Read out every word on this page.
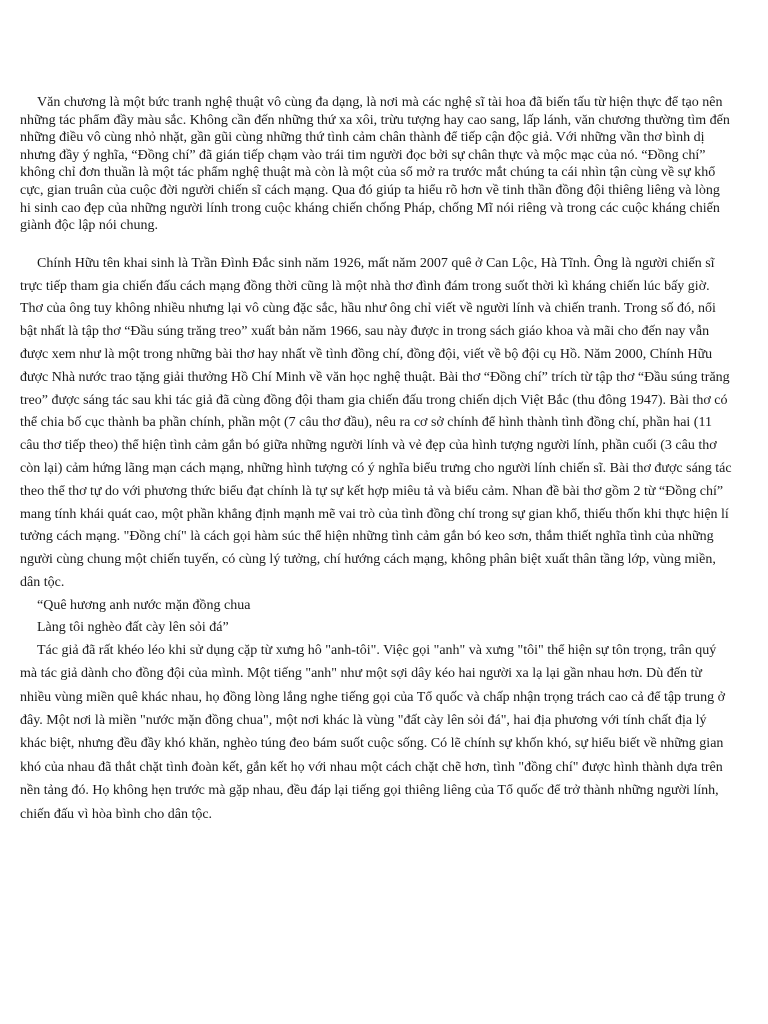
Văn chương là một bức tranh nghệ thuật vô cùng đa dạng, là nơi mà các nghệ sĩ tài hoa đã biến tấu từ hiện thực để tạo nên những tác phẩm đầy màu sắc. Không cần đến những thứ xa xôi, trừu tượng hay cao sang, lấp lánh, văn chương thường tìm đến những điều vô cùng nhỏ nhặt, gần gũi cùng những thứ tình cảm chân thành để tiếp cận độc giả. Với những vần thơ bình dị nhưng đầy ý nghĩa, “Đồng chí” đã gián tiếp chạm vào trái tim người đọc bởi sự chân thực và mộc mạc của nó. “Đồng chí” không chỉ đơn thuần là một tác phẩm nghệ thuật mà còn là một của sổ mở ra trước mắt chúng ta cái nhìn tận cùng về sự khổ cực, gian truân của cuộc đời người chiến sĩ cách mạng. Qua đó giúp ta hiểu rõ hơn về tinh thần đồng đội thiêng liêng và lòng hi sinh cao đẹp của những người lính trong cuộc kháng chiến chống Pháp, chống Mĩ nói riêng và trong các cuộc kháng chiến giành độc lập nói chung.

Chính Hữu tên khai sinh là Trần Đình Đắc sinh năm 1926, mất năm 2007 quê ở Can Lộc, Hà Tĩnh. Ông là người chiến sĩ trực tiếp tham gia chiến đấu cách mạng đồng thời cũng là một nhà thơ đình đám trong suốt thời kì kháng chiến lúc bấy giờ. Thơ của ông tuy không nhiều nhưng lại vô cùng đặc sắc, hầu như ông chỉ viết về người lính và chiến tranh. Trong số đó, nổi bật nhất là tập thơ “Đầu súng trăng treo” xuất bản năm 1966, sau này được in trong sách giáo khoa và mãi cho đến nay vẫn được xem như là một trong những bài thơ hay nhất về tình đồng chí, đồng đội, viết về bộ đội cụ Hồ. Năm 2000, Chính Hữu được Nhà nước trao tặng giải thưởng Hồ Chí Minh về văn học nghệ thuật. Bài thơ “Đồng chí” trích từ tập thơ “Đầu súng trăng treo” được sáng tác sau khi tác giả đã cùng đồng đội tham gia chiến đấu trong chiến dịch Việt Bắc (thu đông 1947). Bài thơ có thể chia bố cục thành ba phần chính, phần một (7 câu thơ đầu), nêu ra cơ sở chính để hình thành tình đồng chí, phần hai (11 câu thơ tiếp theo) thể hiện tình cảm gắn bó giữa những người lính và vẻ đẹp của hình tượng người lính, phần cuối (3 câu thơ còn lại) cảm hứng lãng mạn cách mạng, những hình tượng có ý nghĩa biểu trưng cho người lính chiến sĩ. Bài thơ được sáng tác theo thể thơ tự do với phương thức biểu đạt chính là tự sự kết hợp miêu tả và biểu cảm. Nhan đề bài thơ gồm 2 từ “Đồng chí” mang tính khái quát cao, một phần khẳng định mạnh mẽ vai trò của tình đồng chí trong sự gian khổ, thiếu thốn khi thực hiện lí tưởng cách mạng. "Đồng chí" là cách gọi hàm súc thể hiện những tình cảm gắn bó keo sơn, thắm thiết nghĩa tình của những người cùng chung một chiến tuyến, có cùng lý tưởng, chí hướng cách mạng, không phân biệt xuất thân tầng lớp, vùng miền, dân tộc.

“Quê hương anh nước mặn đồng chua

Làng tôi nghèo đất cày lên sỏi đá”

Tác giả đã rất khéo léo khi sử dụng cặp từ xưng hô "anh-tôi". Việc gọi "anh" và xưng "tôi" thể hiện sự tôn trọng, trân quý mà tác giả dành cho đồng đội của mình. Một tiếng "anh" như một sợi dây kéo hai người xa lạ lại gần nhau hơn. Dù đến từ nhiều vùng miền quê khác nhau, họ đồng lòng lắng nghe tiếng gọi của Tổ quốc và chấp nhận trọng trách cao cả để tập trung ở đây. Một nơi là miền "nước mặn đồng chua", một nơi khác là vùng "đất cày lên sỏi đá", hai địa phương với tính chất địa lý khác biệt, nhưng đều đầy khó khăn, nghèo túng đeo bám suốt cuộc sống. Có lẽ chính sự khốn khó, sự hiểu biết về những gian khó của nhau đã thắt chặt tình đoàn kết, gắn kết họ với nhau một cách chặt chẽ hơn, tình "đồng chí" được hình thành dựa trên nền tảng đó. Họ không hẹn trước mà gặp nhau, đều đáp lại tiếng gọi thiêng liêng của Tổ quốc để trở thành những người lính, chiến đấu vì hòa bình cho dân tộc.
